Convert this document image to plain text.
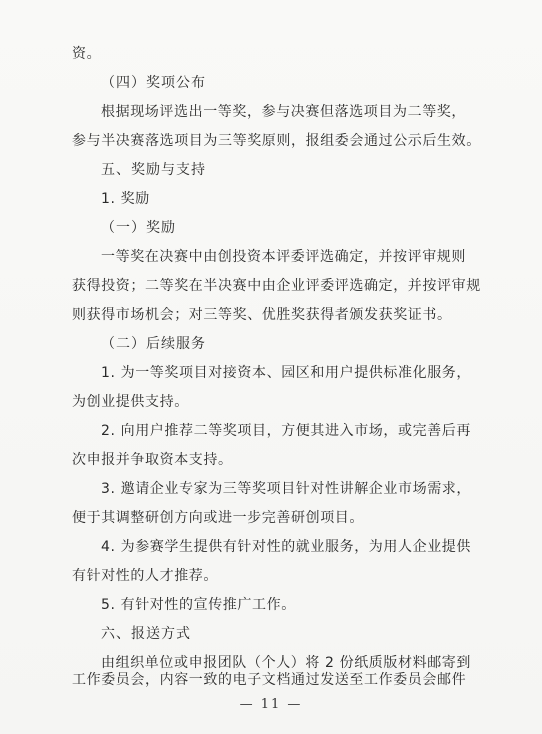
资。
（四）奖项公布
根据现场评选出一等奖，参与决赛但落选项目为二等奖，
参与半决赛落选项目为三等奖原则，报组委会通过公示后生效。
五、奖励与支持
1. 奖励
（一）奖励
一等奖在决赛中由创投资本评委评选确定，并按评审规则
获得投资；二等奖在半决赛中由企业评委评选确定，并按评审规
则获得市场机会；对三等奖、优胜奖获得者颁发获奖证书。
（二）后续服务
1. 为一等奖项目对接资本、园区和用户提供标准化服务，
为创业提供支持。
2. 向用户推荐二等奖项目，方便其进入市场，或完善后再
次申报并争取资本支持。
3. 邀请企业专家为三等奖项目针对性讲解企业市场需求，
便于其调整研创方向或进一步完善研创项目。
4. 为参赛学生提供有针对性的就业服务，为用人企业提供
有针对性的人才推荐。
5. 有针对性的宣传推广工作。
六、报送方式
由组织单位或申报团队（个人）将 2 份纸质版材料邮寄到
工作委员会，内容一致的电子文档通过发送至工作委员会邮件
— 11 —
